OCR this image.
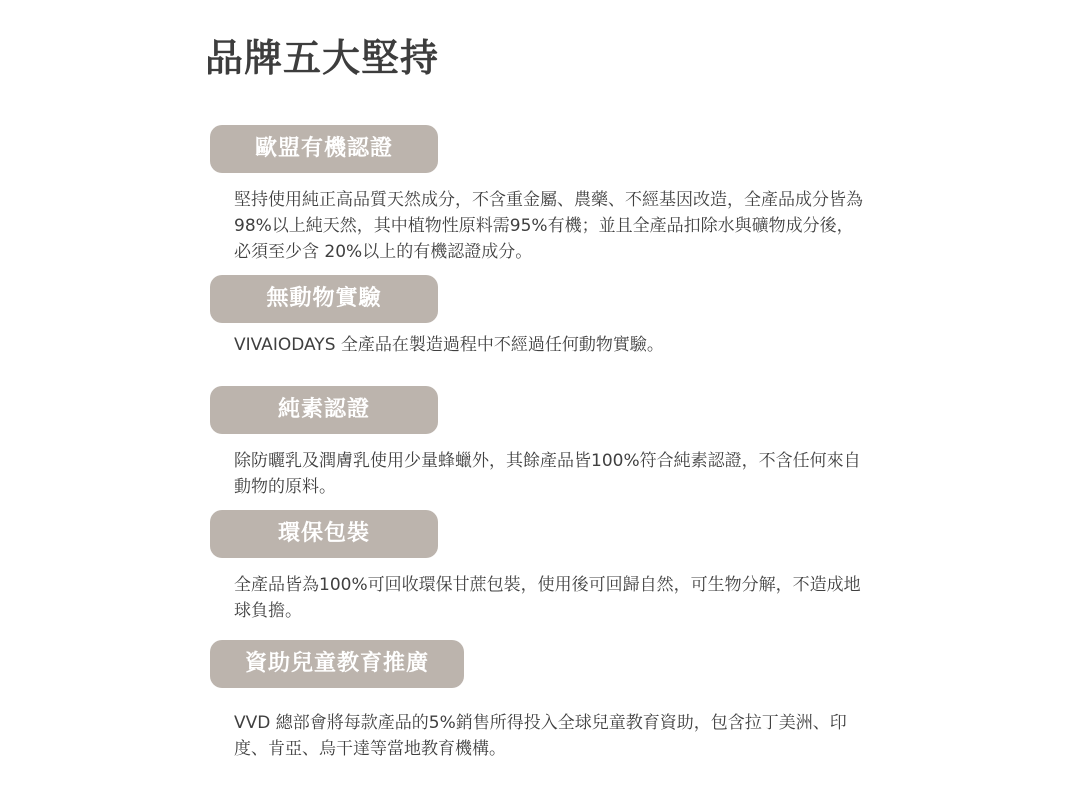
品牌五大堅持
歐盟有機認證

堅持使用純正高品質天然成分，不含重金屬、農藥、不經基因改造，全產品成分皆為98%以上純天然，其中植物性原料需95%有機；並且全產品扣除水與礦物成分後，必須至少含 20%以上的有機認證成分。

無動物實驗

VIVAIODAYS 全產品在製造過程中不經過任何動物實驗。

純素認證

除防曬乳及潤膚乳使用少量蜂蠟外，其餘產品皆100%符合純素認證，不含任何來自動物的原料。

環保包裝

全產品皆為100%可回收環保甘蔗包裝，使用後可回歸自然，可生物分解，不造成地球負擔。

資助兒童教育推廣

VVD 總部會將每款產品的5%銷售所得投入全球兒童教育資助，包含拉丁美洲、印度、肯亞、烏干達等當地教育機構。
